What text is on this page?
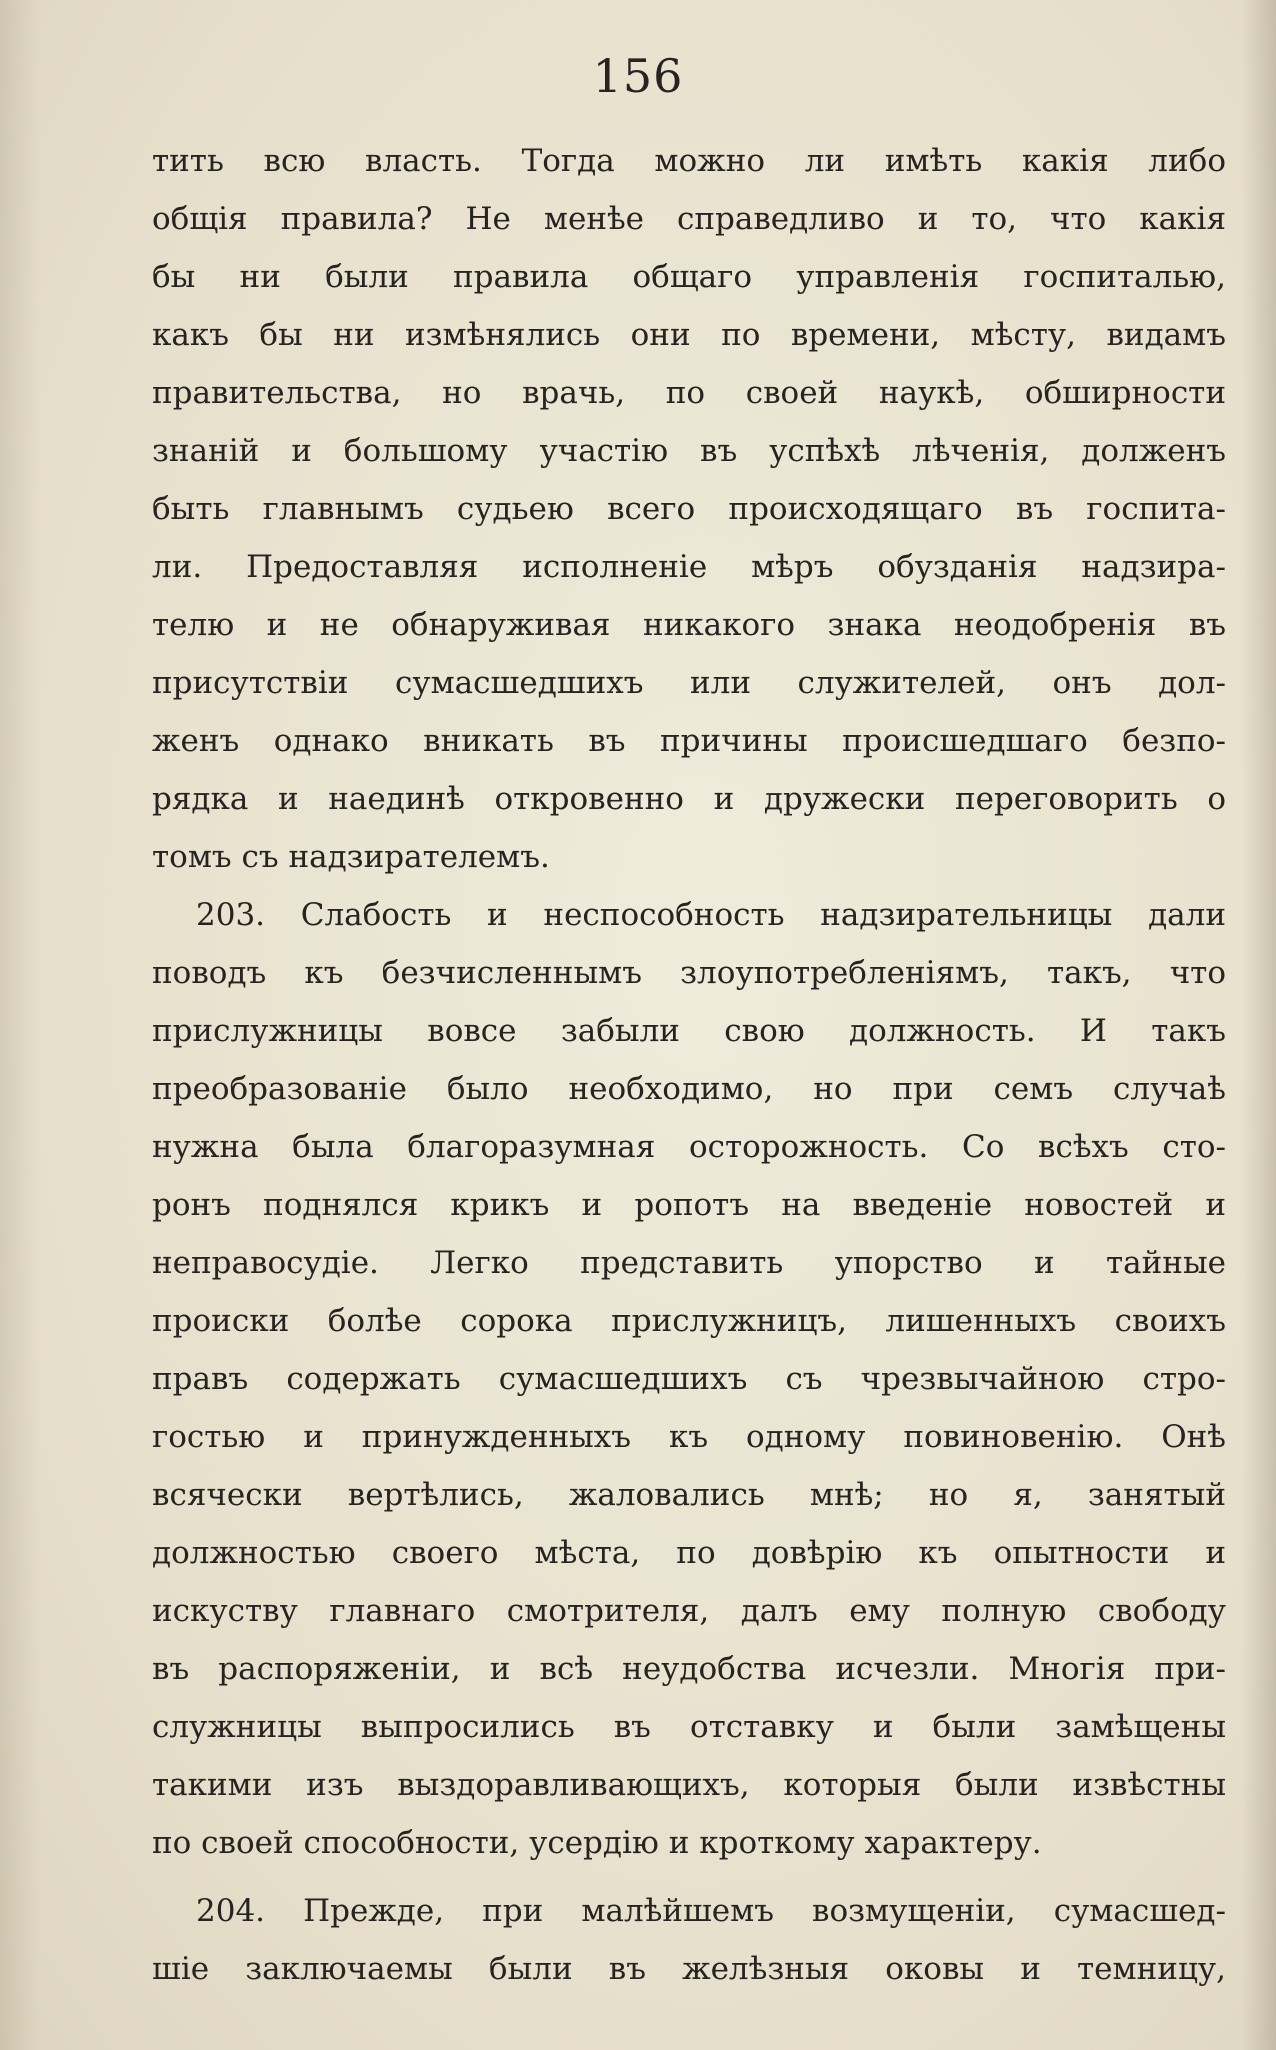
156
тить всю власть. Тогда можно ли имѣть какія либо
общія правила? Не менѣе справедливо и то, что какія
бы ни были правила общаго управленія госпиталью,
какъ бы ни измѣнялись они по времени, мѣсту, видамъ
правительства, но врачь, по своей наукѣ, обширности
знаній и большому участію въ успѣхѣ лѣченія, долженъ
быть главнымъ судьею всего происходящаго въ госпита-
ли. Предоставляя исполненіе мѣръ обузданія надзира-
телю и не обнаруживая никакого знака неодобренія въ
присутствіи сумасшедшихъ или служителей, онъ дол-
женъ однако вникать въ причины происшедшаго безпо-
рядка и наединѣ откровенно и дружески переговорить о
томъ съ надзирателемъ.
203. Слабость и неспособность надзирательницы дали
поводъ къ безчисленнымъ злоупотребленіямъ, такъ, что
прислужницы вовсе забыли свою должность. И такъ
преобразованіе было необходимо, но при семъ случаѣ
нужна была благоразумная осторожность. Со всѣхъ сто-
ронъ поднялся крикъ и ропотъ на введеніе новостей и
неправосудіе. Легко представить упорство и тайные
происки болѣе сорока прислужницъ, лишенныхъ своихъ
правъ содержать сумасшедшихъ съ чрезвычайною стро-
гостью и принужденныхъ къ одному повиновенію. Онѣ
всячески вертѣлись, жаловались мнѣ; но я, занятый
должностью своего мѣста, по довѣрію къ опытности и
искуству главнаго смотрителя, далъ ему полную свободу
въ распоряженіи, и всѣ неудобства исчезли. Многія при-
служницы выпросились въ отставку и были замѣщены
такими изъ выздоравливающихъ, которыя были извѣстны
по своей способности, усердію и кроткому характеру.
204. Прежде, при малѣйшемъ возмущеніи, сумасшед-
шіе заключаемы были въ желѣзныя оковы и темницу,
